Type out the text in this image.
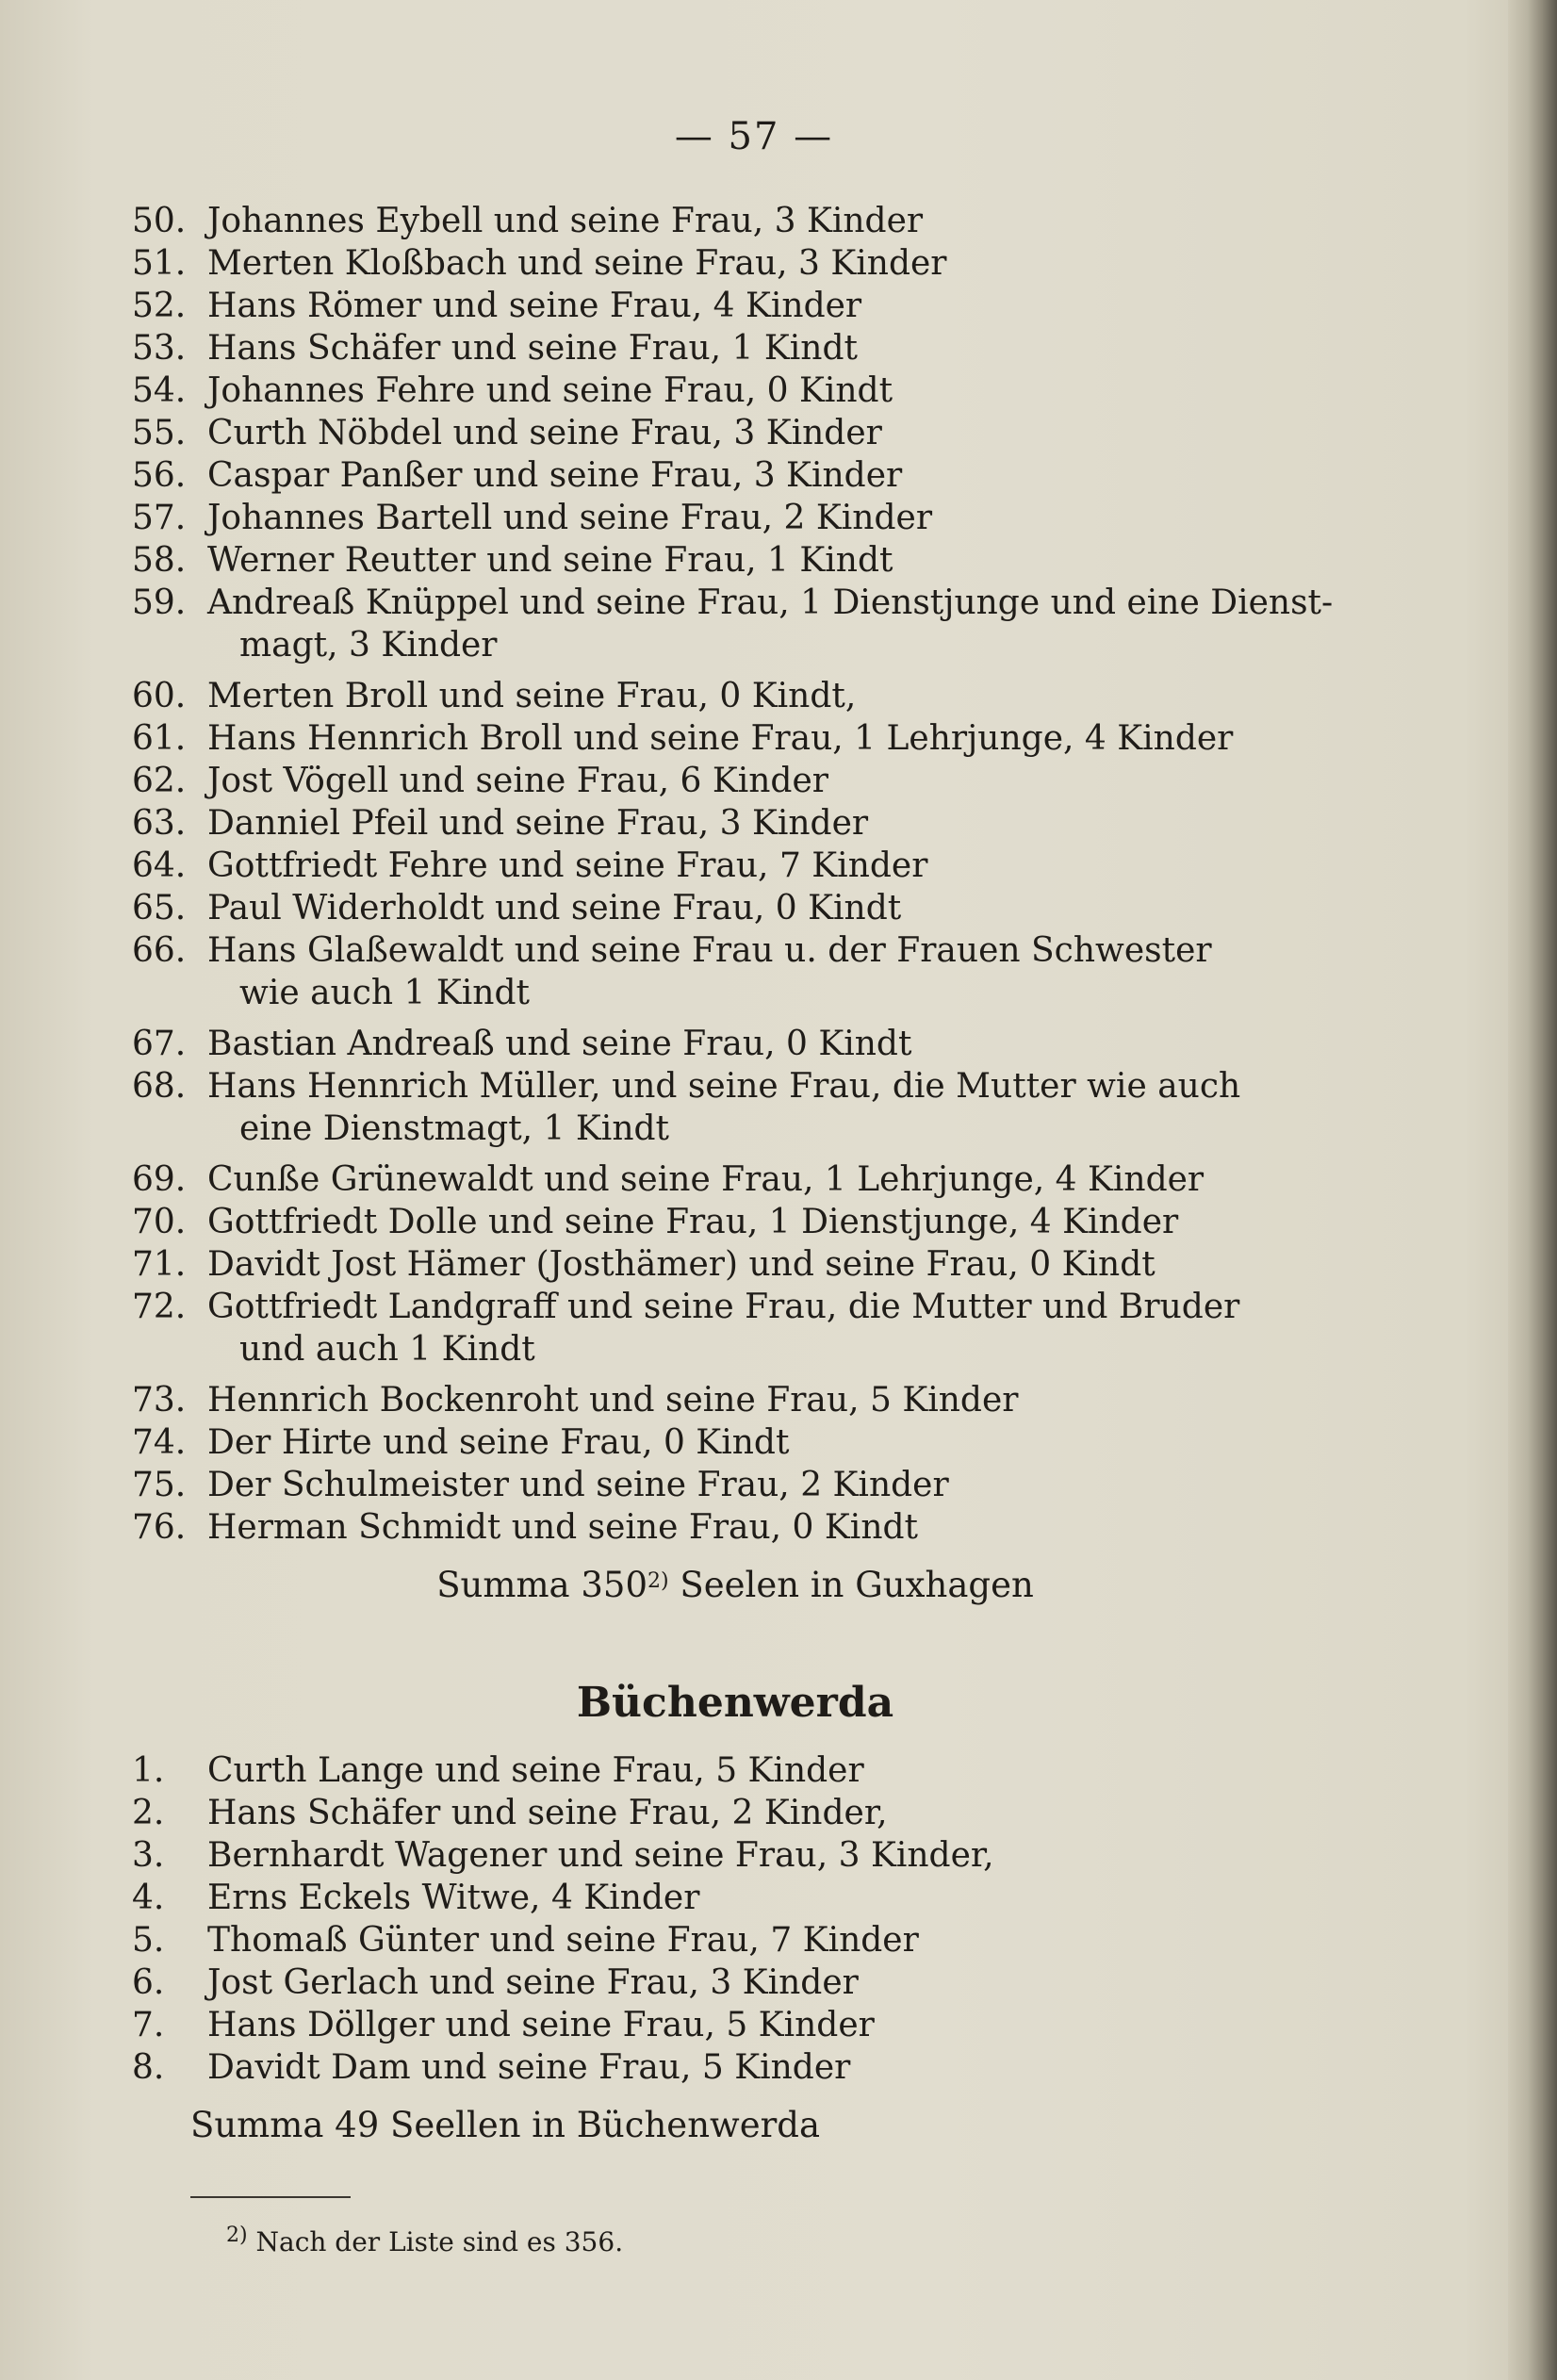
— 57 —
50. Johannes Eybell und seine Frau, 3 Kinder
51. Merten Kloßbach und seine Frau, 3 Kinder
52. Hans Römer und seine Frau, 4 Kinder
53. Hans Schäfer und seine Frau, 1 Kindt
54. Johannes Fehre und seine Frau, 0 Kindt
55. Curth Nöbdel und seine Frau, 3 Kinder
56. Caspar Panßer und seine Frau, 3 Kinder
57. Johannes Bartell und seine Frau, 2 Kinder
58. Werner Reutter und seine Frau, 1 Kindt
59. Andreaß Knüppel und seine Frau, 1 Dienstjunge und eine Dienst-
magt, 3 Kinder
60. Merten Broll und seine Frau, 0 Kindt,
61. Hans Hennrich Broll und seine Frau, 1 Lehrjunge, 4 Kinder
62. Jost Vögell und seine Frau, 6 Kinder
63. Danniel Pfeil und seine Frau, 3 Kinder
64. Gottfriedt Fehre und seine Frau, 7 Kinder
65. Paul Widerholdt und seine Frau, 0 Kindt
66. Hans Glaßewaldt und seine Frau u. der Frauen Schwester
wie auch 1 Kindt
67. Bastian Andreaß und seine Frau, 0 Kindt
68. Hans Hennrich Müller, und seine Frau, die Mutter wie auch
eine Dienstmagt, 1 Kindt
69. Cunße Grünewaldt und seine Frau, 1 Lehrjunge, 4 Kinder
70. Gottfriedt Dolle und seine Frau, 1 Dienstjunge, 4 Kinder
71. Davidt Jost Hämer (Josthämer) und seine Frau, 0 Kindt
72. Gottfriedt Landgraff und seine Frau, die Mutter und Bruder
und auch 1 Kindt
73. Hennrich Bockenroht und seine Frau, 5 Kinder
74. Der Hirte und seine Frau, 0 Kindt
75. Der Schulmeister und seine Frau, 2 Kinder
76. Herman Schmidt und seine Frau, 0 Kindt
Summa 350$^{2)}$ Seelen in Guxhagen
Büchenwerda
1.	Curth Lange und seine Frau, 5 Kinder
2.	Hans Schäfer und seine Frau, 2 Kinder,
3.	Bernhardt Wagener und seine Frau, 3 Kinder,
4.	Erns Eckels Witwe, 4 Kinder
5.	Thomaß Günter und seine Frau, 7 Kinder
6.	Jost Gerlach und seine Frau, 3 Kinder
7.	Hans Döllger und seine Frau, 5 Kinder
8.	Davidt Dam und seine Frau, 5 Kinder
Summa 49 Seellen in Büchenwerda
$^{2)}$ Nach der Liste sind es 356.
